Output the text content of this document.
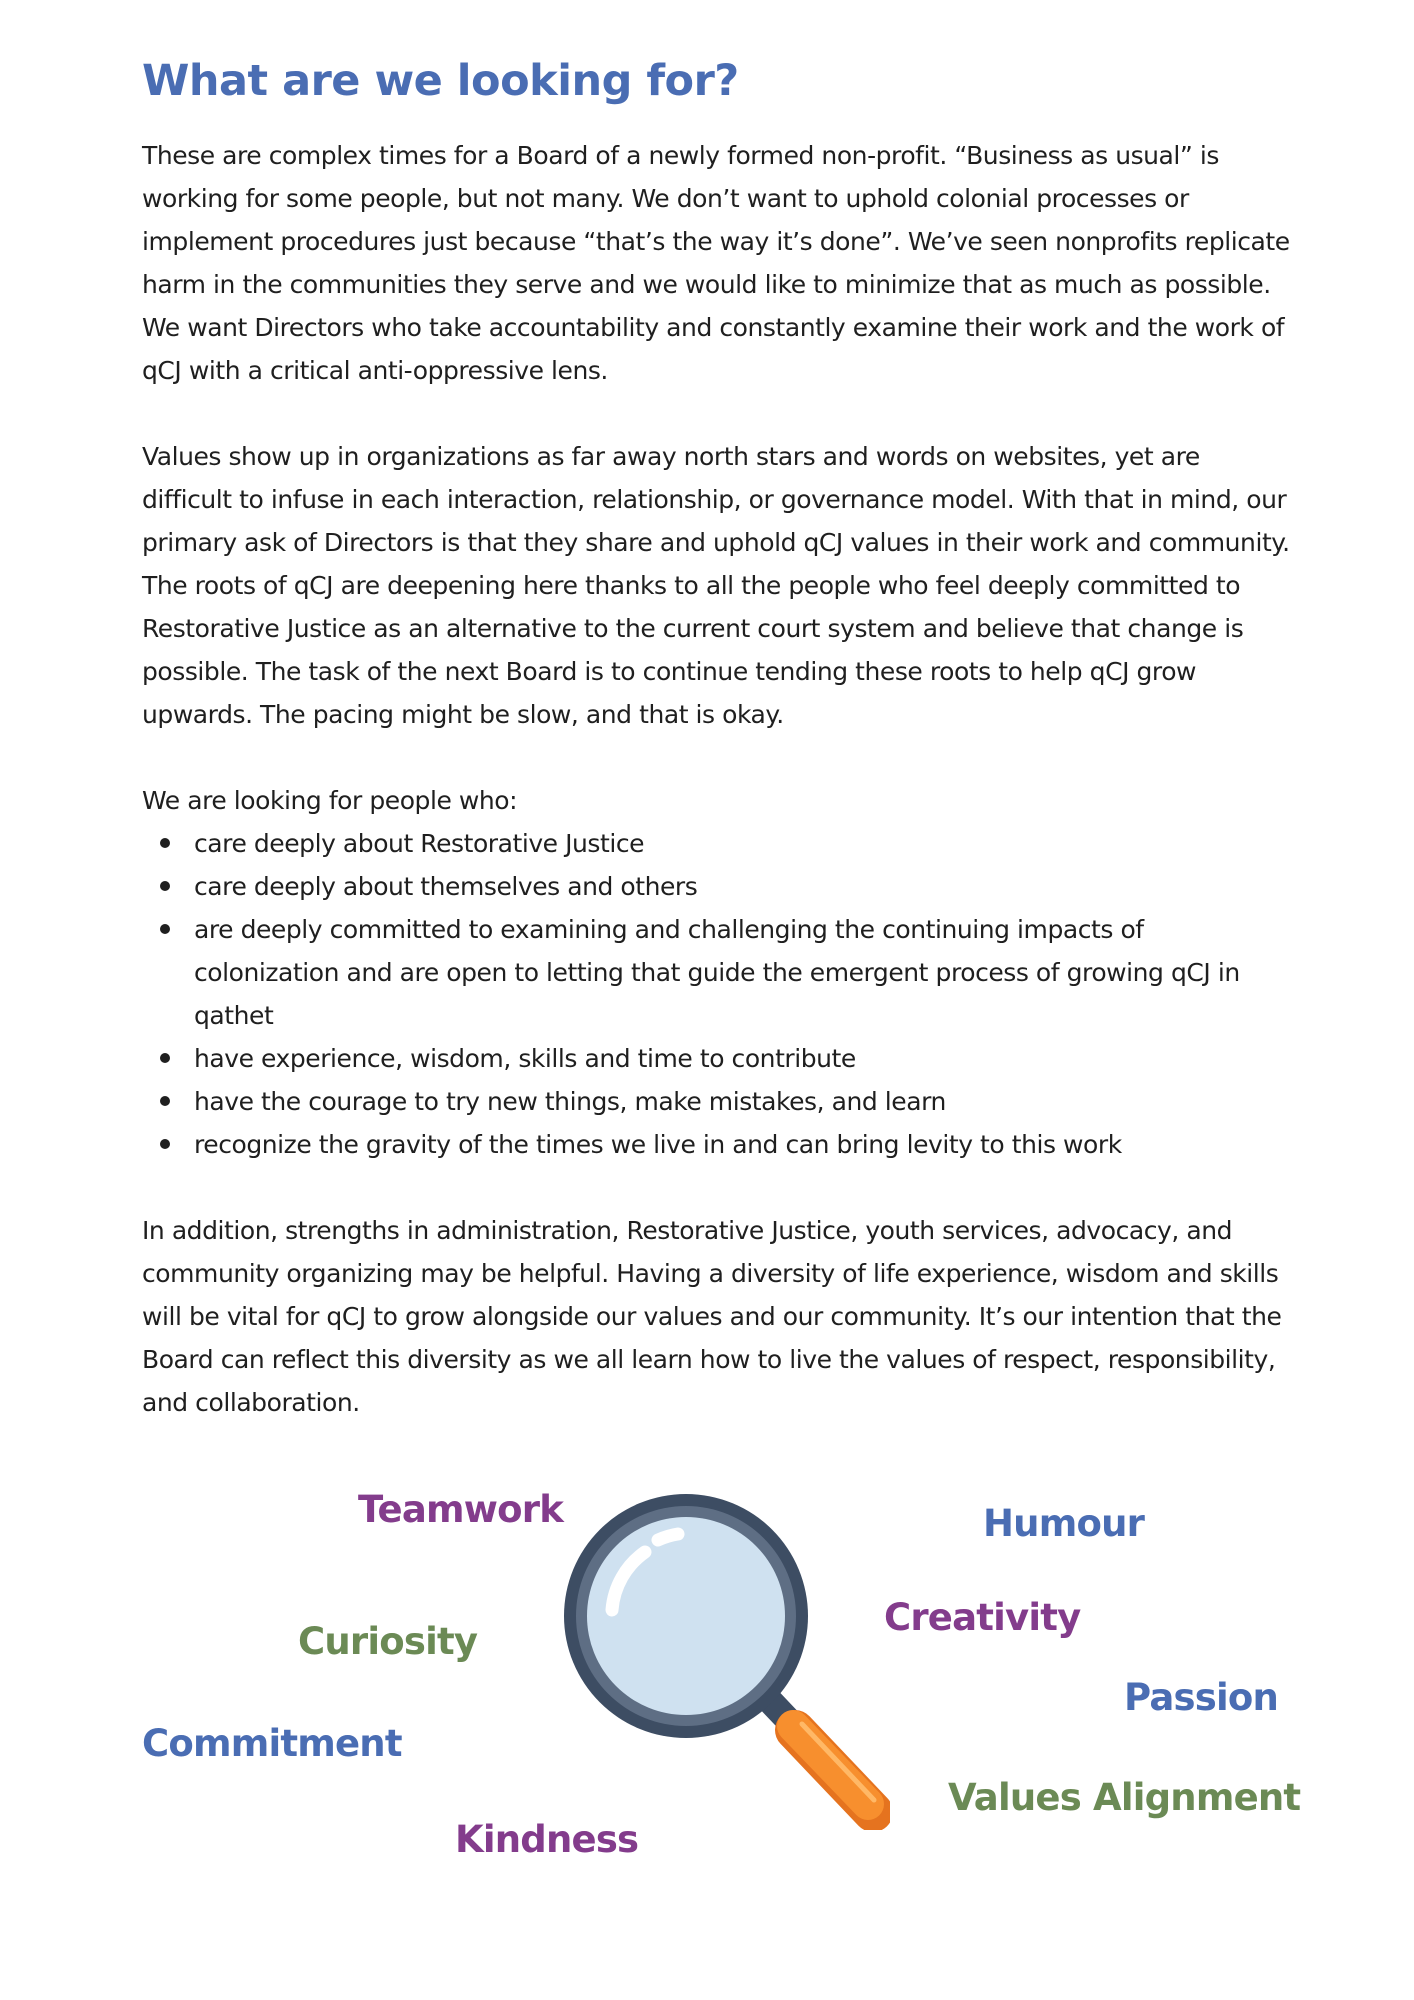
What are we looking for?

These are complex times for a Board of a newly formed non-profit. “Business as usual” is working for some people, but not many. We don’t want to uphold colonial processes or implement procedures just because “that’s the way it’s done”. We’ve seen nonprofits replicate harm in the communities they serve and we would like to minimize that as much as possible. We want Directors who take accountability and constantly examine their work and the work of qCJ with a critical anti-oppressive lens.

Values show up in organizations as far away north stars and words on websites, yet are difficult to infuse in each interaction, relationship, or governance model. With that in mind, our primary ask of Directors is that they share and uphold qCJ values in their work and community. The roots of qCJ are deepening here thanks to all the people who feel deeply committed to Restorative Justice as an alternative to the current court system and believe that change is possible. The task of the next Board is to continue tending these roots to help qCJ grow upwards. The pacing might be slow, and that is okay.

We are looking for people who:

care deeply about Restorative Justice
care deeply about themselves and others
are deeply committed to examining and challenging the continuing impacts of colonization and are open to letting that guide the emergent process of growing qCJ in qathet
have experience, wisdom, skills and time to contribute
have the courage to try new things, make mistakes, and learn
recognize the gravity of the times we live in and can bring levity to this work

In addition, strengths in administration, Restorative Justice, youth services, advocacy, and community organizing may be helpful. Having a diversity of life experience, wisdom and skills will be vital for qCJ to grow alongside our values and our community. It’s our intention that the Board can reflect this diversity as we all learn how to live the values of respect, responsibility, and collaboration.

Teamwork	Humour
Creativity
Curiosity
Passion
Commitment
Values Alignment
Kindness
